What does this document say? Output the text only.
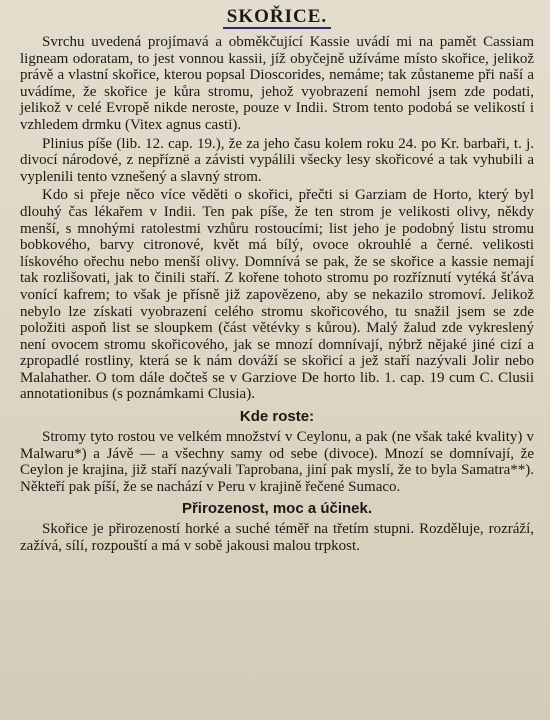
SKOŘICE.

Svrchu uvedená projímavá a obměkčující Kassie uvádí mi na pamět Cassiam ligneam odoratam, to jest vonnou kassii, jíž obyčejně užíváme místo skořice, jelikož právě a vlastní skořice, kterou popsal Dioscorides, nemáme; tak zůstaneme při naší a uvádíme, že skořice je kůra stromu, jehož vyobrazení nemohl jsem zde podati, jelikož v celé Evropě nikde neroste, pouze v Indii. Strom tento podobá se velikostí i vzhledem drmku (Vitex agnus casti).

Plinius píše (lib. 12. cap. 19.), že za jeho času kolem roku 24. po Kr. barbaři, t. j. divocí národové, z nepříznë a závisti vypálili všecky lesy skořicové a tak vyhubili a vyplenili tento vznešený a slavný strom.

Kdo si přeje něco více věděti o skořici, přečti si Garziam de Horto, který byl dlouhý čas lékařem v Indii. Ten pak píše, že ten strom je velikosti olivy, někdy menší, s mnohými ratolestmi vzhůru rostoucími; list jeho je podobný listu stromu bobkového, barvy citronové, květ má bílý, ovoce okrouhlé a černé. velikosti lískového ořechu nebo menší olivy. Domnívá se pak, že se skořice a kassie nemají tak rozlišovati, jak to činili staří. Z kořene tohoto stromu po rozříznutí vytéká šťáva vonící kafrem; to však je přísně již zapovězeno, aby se nekazilo stromoví. Jelikož nebylo lze získati vyobrazení celého stromu skořicového, tu snažil jsem se zde položiti aspoň list se sloupkem (část větévky s kůrou). Malý žalud zde vykreslený není ovocem stromu skořicového, jak se mnozí domnívají, nýbrž nějaké jiné cizí a zpropadlé rostliny, která se k nám dováží se skořicí a jež staří nazývali Jolir nebo Malahather. O tom dále dočteš se v Garziove De horto lib. 1. cap. 19 cum C. Clusii annotationibus (s poznámkami Clusia).

Kde roste:

Stromy tyto rostou ve velkém množství v Ceylonu, a pak (ne však také kvality) v Malwaru*) a Jávě — a všechny samy od sebe (divoce). Mnozí se domnívají, že Ceylon je krajina, již staří nazývali Taprobana, jiní pak myslí, že to byla Samatra**). Někteří pak píší, že se nachází v Peru v krajině řečené Sumaco.

Přirozenost, moc a účinek.

Skořice je přirozeností horké a suché téměř na třetím stupni. Rozděluje, rozráží, zažívá, sílí, rozpouští a má v sobě jakousi malou trpkost.
